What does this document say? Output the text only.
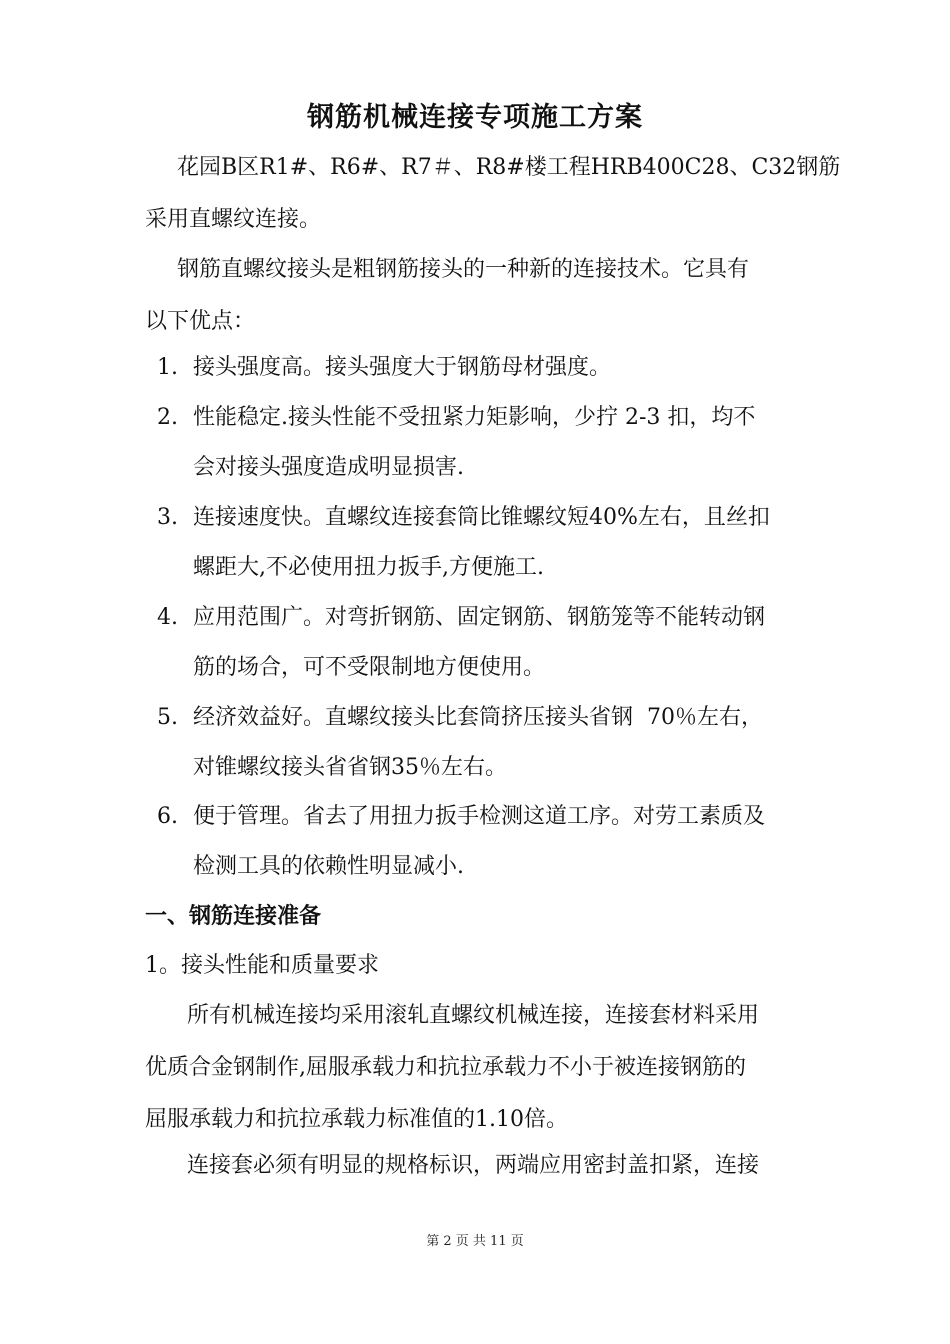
钢筋机械连接专项施工方案
花园B区R1#、R6#、R7＃、R8#楼工程HRB400C28、C32钢筋
采用直螺纹连接。
钢筋直螺纹接头是粗钢筋接头的一种新的连接技术。它具有
以下优点：
1. 接头强度高。接头强度大于钢筋母材强度。
2. 性能稳定.接头性能不受扭紧力矩影响，少拧 2-3 扣，均不
会对接头强度造成明显损害.
3. 连接速度快。直螺纹连接套筒比锥螺纹短40%左右，且丝扣
螺距大,不必使用扭力扳手,方便施工.
4. 应用范围广。对弯折钢筋、固定钢筋、钢筋笼等不能转动钢
筋的场合，可不受限制地方便使用。
5. 经济效益好。直螺纹接头比套筒挤压接头省钢  70％左右，
对锥螺纹接头省省钢35％左右。
6. 便于管理。省去了用扭力扳手检测这道工序。对劳工素质及
检测工具的依赖性明显减小.
一、钢筋连接准备
1。接头性能和质量要求
所有机械连接均采用滚轧直螺纹机械连接，连接套材料采用
优质合金钢制作,屈服承载力和抗拉承载力不小于被连接钢筋的
屈服承载力和抗拉承载力标准值的1.10倍。
连接套必须有明显的规格标识，两端应用密封盖扣紧，连接
第 2 页 共 11 页
